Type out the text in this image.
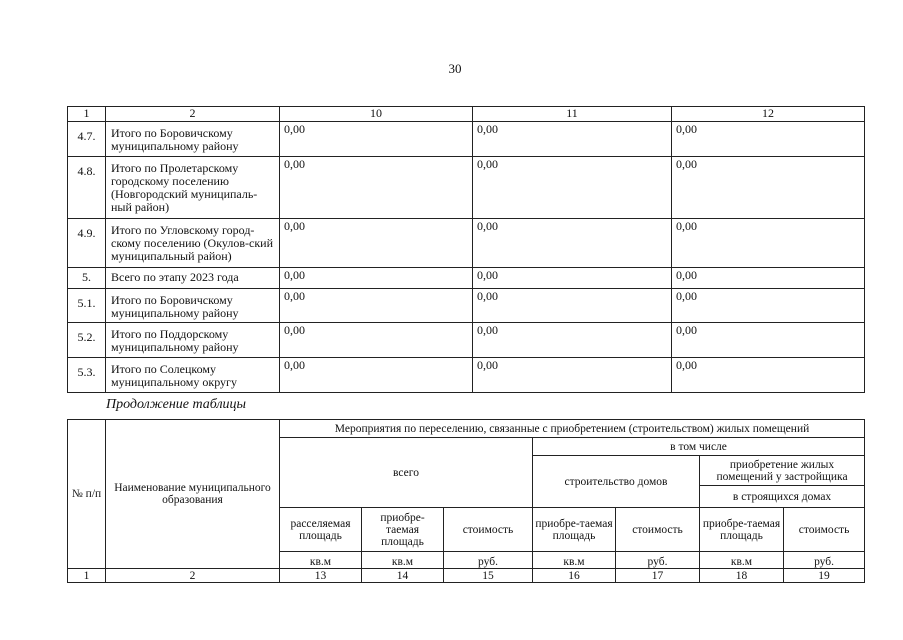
30
1	2	10	11	12
4.7.	Итого по Боровичскому муниципальному району	0,00	0,00	0,00
4.8.	Итого по Пролетарскому городскому поселению (Новгородский муниципаль-ный район)	0,00	0,00	0,00
4.9.	Итого по Угловскому город-скому поселению (Окулов-ский муниципальный район)	0,00	0,00	0,00
5.	Всего по этапу 2023 года	0,00	0,00	0,00
5.1.	Итого по Боровичскому муниципальному району	0,00	0,00	0,00
5.2.	Итого по Поддорскому муниципальному району	0,00	0,00	0,00
5.3.	Итого по Солецкому муниципальному округу	0,00	0,00	0,00
Продолжение таблицы
№ п/п	Наименование муниципального образования	Мероприятия по переселению, связанные с приобретением (строительством) жилых помещений						
		всего			в том числе			
					строительство домов		приобретение жилых помещений у застройщика	
							в строящихся домах	
		расселяемая площадь	приобре-таемая площадь	стоимость	приобре-таемая площадь	стоимость	приобре-таемая площадь	стоимость
		кв.м	кв.м	руб.	кв.м	руб.	кв.м	руб.
1	2	13	14	15	16	17	18	19
